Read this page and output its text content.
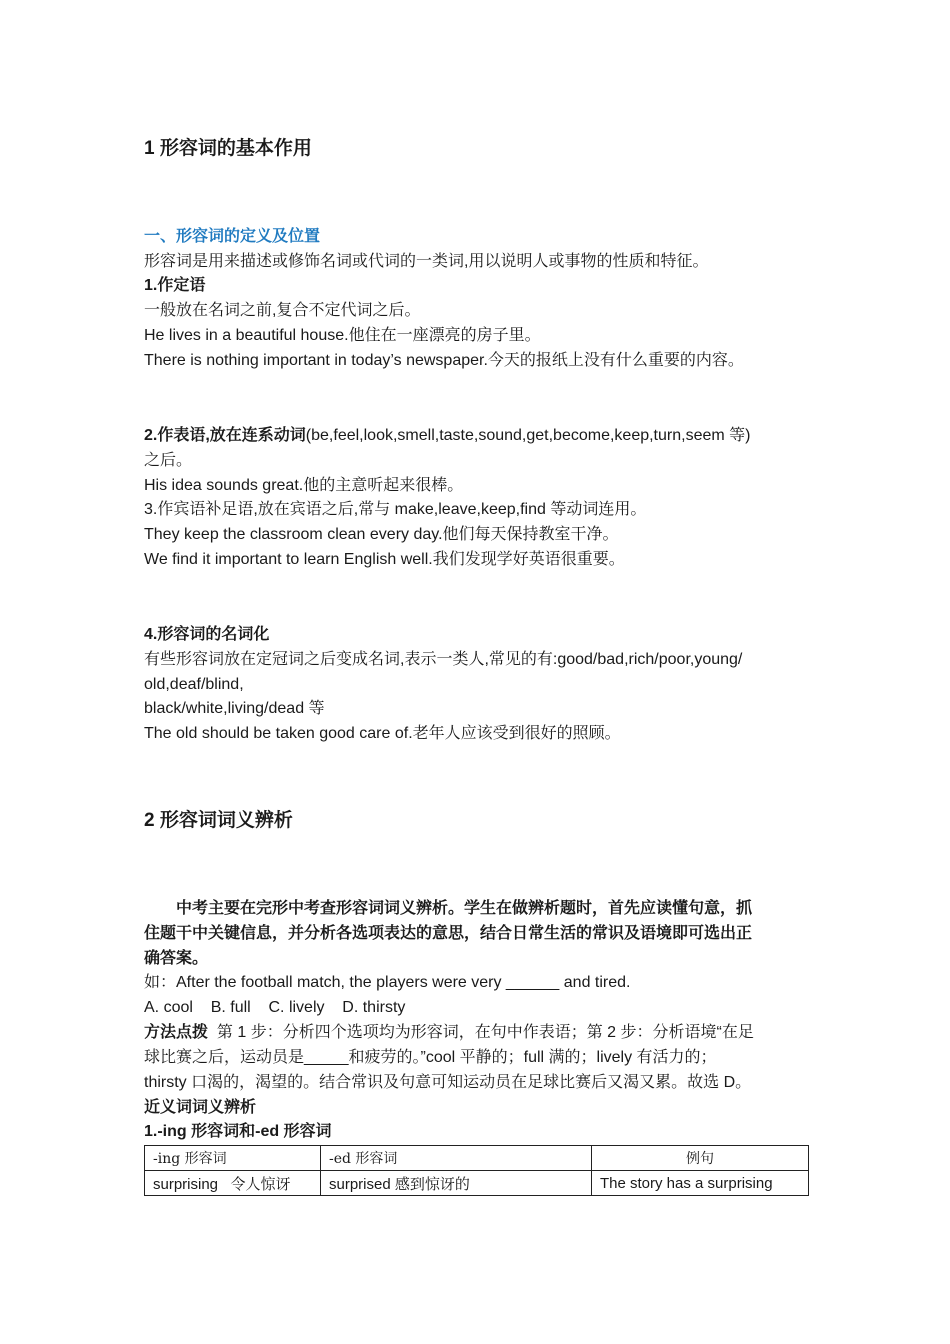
1 形容词的基本作用
一、形容词的定义及位置
形容词是用来描述或修饰名词或代词的一类词,用以说明人或事物的性质和特征。
1.作定语
一般放在名词之前,复合不定代词之后。
He lives in a beautiful house.他住在一座漂亮的房子里。
There is nothing important in today’s newspaper.今天的报纸上没有什么重要的内容。
2.作表语,放在连系动词(be,feel,look,smell,taste,sound,get,become,keep,turn,seem 等)
之后。
His idea sounds great.他的主意听起来很棒。
3.作宾语补足语,放在宾语之后,常与 make,leave,keep,find 等动词连用。
They keep the classroom clean every day.他们每天保持教室干净。
We find it important to learn English well.我们发现学好英语很重要。
4.形容词的名词化
有些形容词放在定冠词之后变成名词,表示一类人,常见的有:good/bad,rich/poor,young/
old,deaf/blind,
black/white,living/dead 等
The old should be taken good care of.老年人应该受到很好的照顾。
2 形容词词义辨析
中考主要在完形中考查形容词词义辨析。学生在做辨析题时，首先应读懂句意，抓
住题干中关键信息，并分析各选项表达的意思，结合日常生活的常识及语境即可选出正
确答案。
如：After the football match, the players were very ______ and tired.
A. cool    B. full    C. lively    D. thirsty
方法点拨  第 1 步：分析四个选项均为形容词，在句中作表语；第 2 步：分析语境“在足
球比赛之后，运动员是_____和疲劳的。”cool 平静的；full 满的；lively 有活力的；
thirsty 口渴的，渴望的。结合常识及句意可知运动员在足球比赛后又渴又累。故选 D。
近义词词义辨析
1.-ing 形容词和-ed 形容词
-ing 形容词	-ed 形容词	例句
surprising   令人惊讶	surprised 感到惊讶的	The story has a surprising
